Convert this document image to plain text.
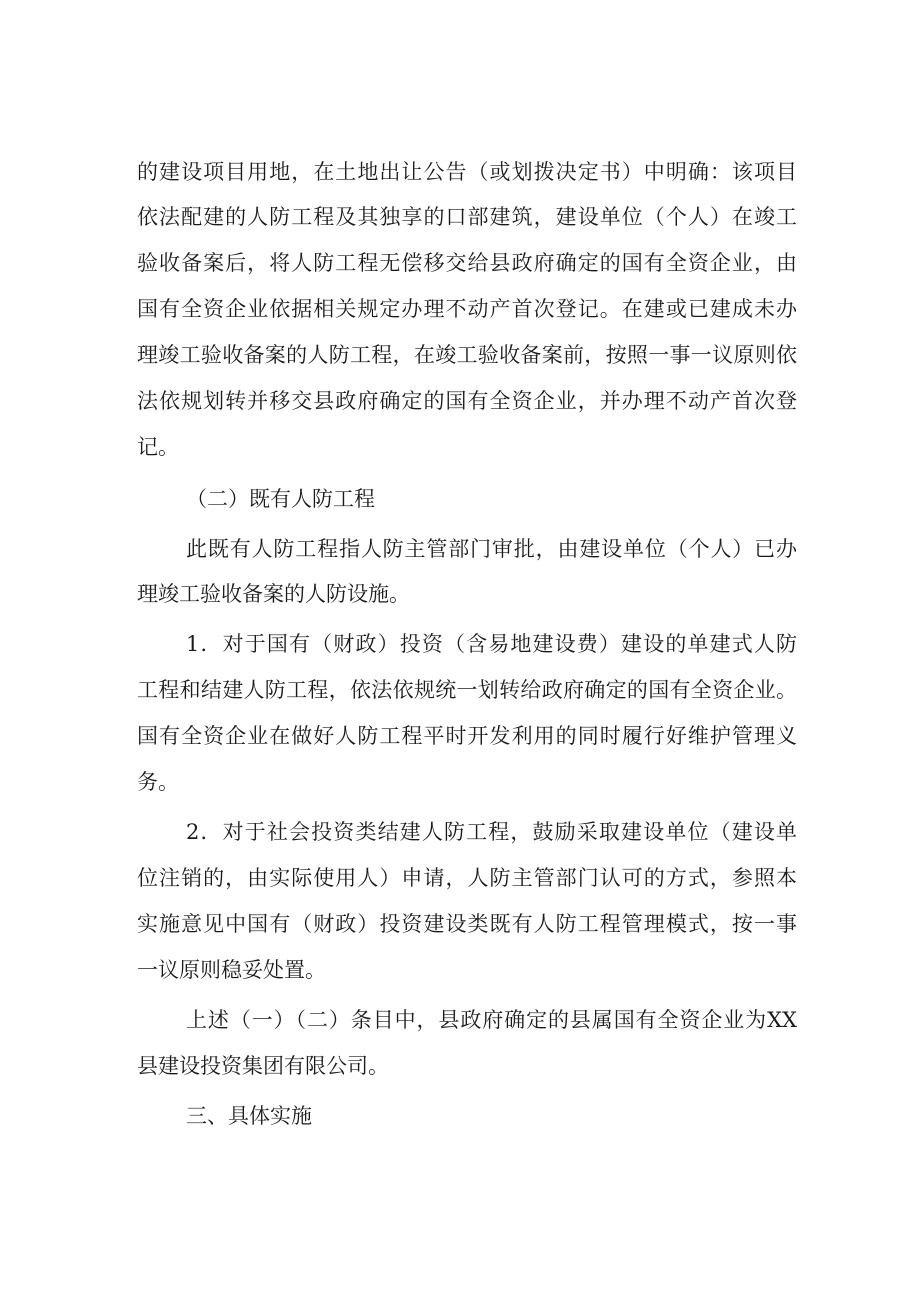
的建设项目用地，在土地出让公告（或划拨决定书）中明确：该项目

依法配建的人防工程及其独享的口部建筑，建设单位（个人）在竣工

验收备案后，将人防工程无偿移交给县政府确定的国有全资企业，由

国有全资企业依据相关规定办理不动产首次登记。在建或已建成未办

理竣工验收备案的人防工程，在竣工验收备案前，按照一事一议原则依

法依规划转并移交县政府确定的国有全资企业，并办理不动产首次登

记。

（二）既有人防工程

此既有人防工程指人防主管部门审批，由建设单位（个人）已办

理竣工验收备案的人防设施。

1．对于国有（财政）投资（含易地建设费）建设的单建式人防

工程和结建人防工程，依法依规统一划转给政府确定的国有全资企业。

国有全资企业在做好人防工程平时开发利用的同时履行好维护管理义

务。

2．对于社会投资类结建人防工程，鼓励采取建设单位（建设单

位注销的，由实际使用人）申请，人防主管部门认可的方式，参照本

实施意见中国有（财政）投资建设类既有人防工程管理模式，按一事

一议原则稳妥处置。

上述（一）（二）条目中，县政府确定的县属国有全资企业为XX

县建设投资集团有限公司。

三、具体实施
